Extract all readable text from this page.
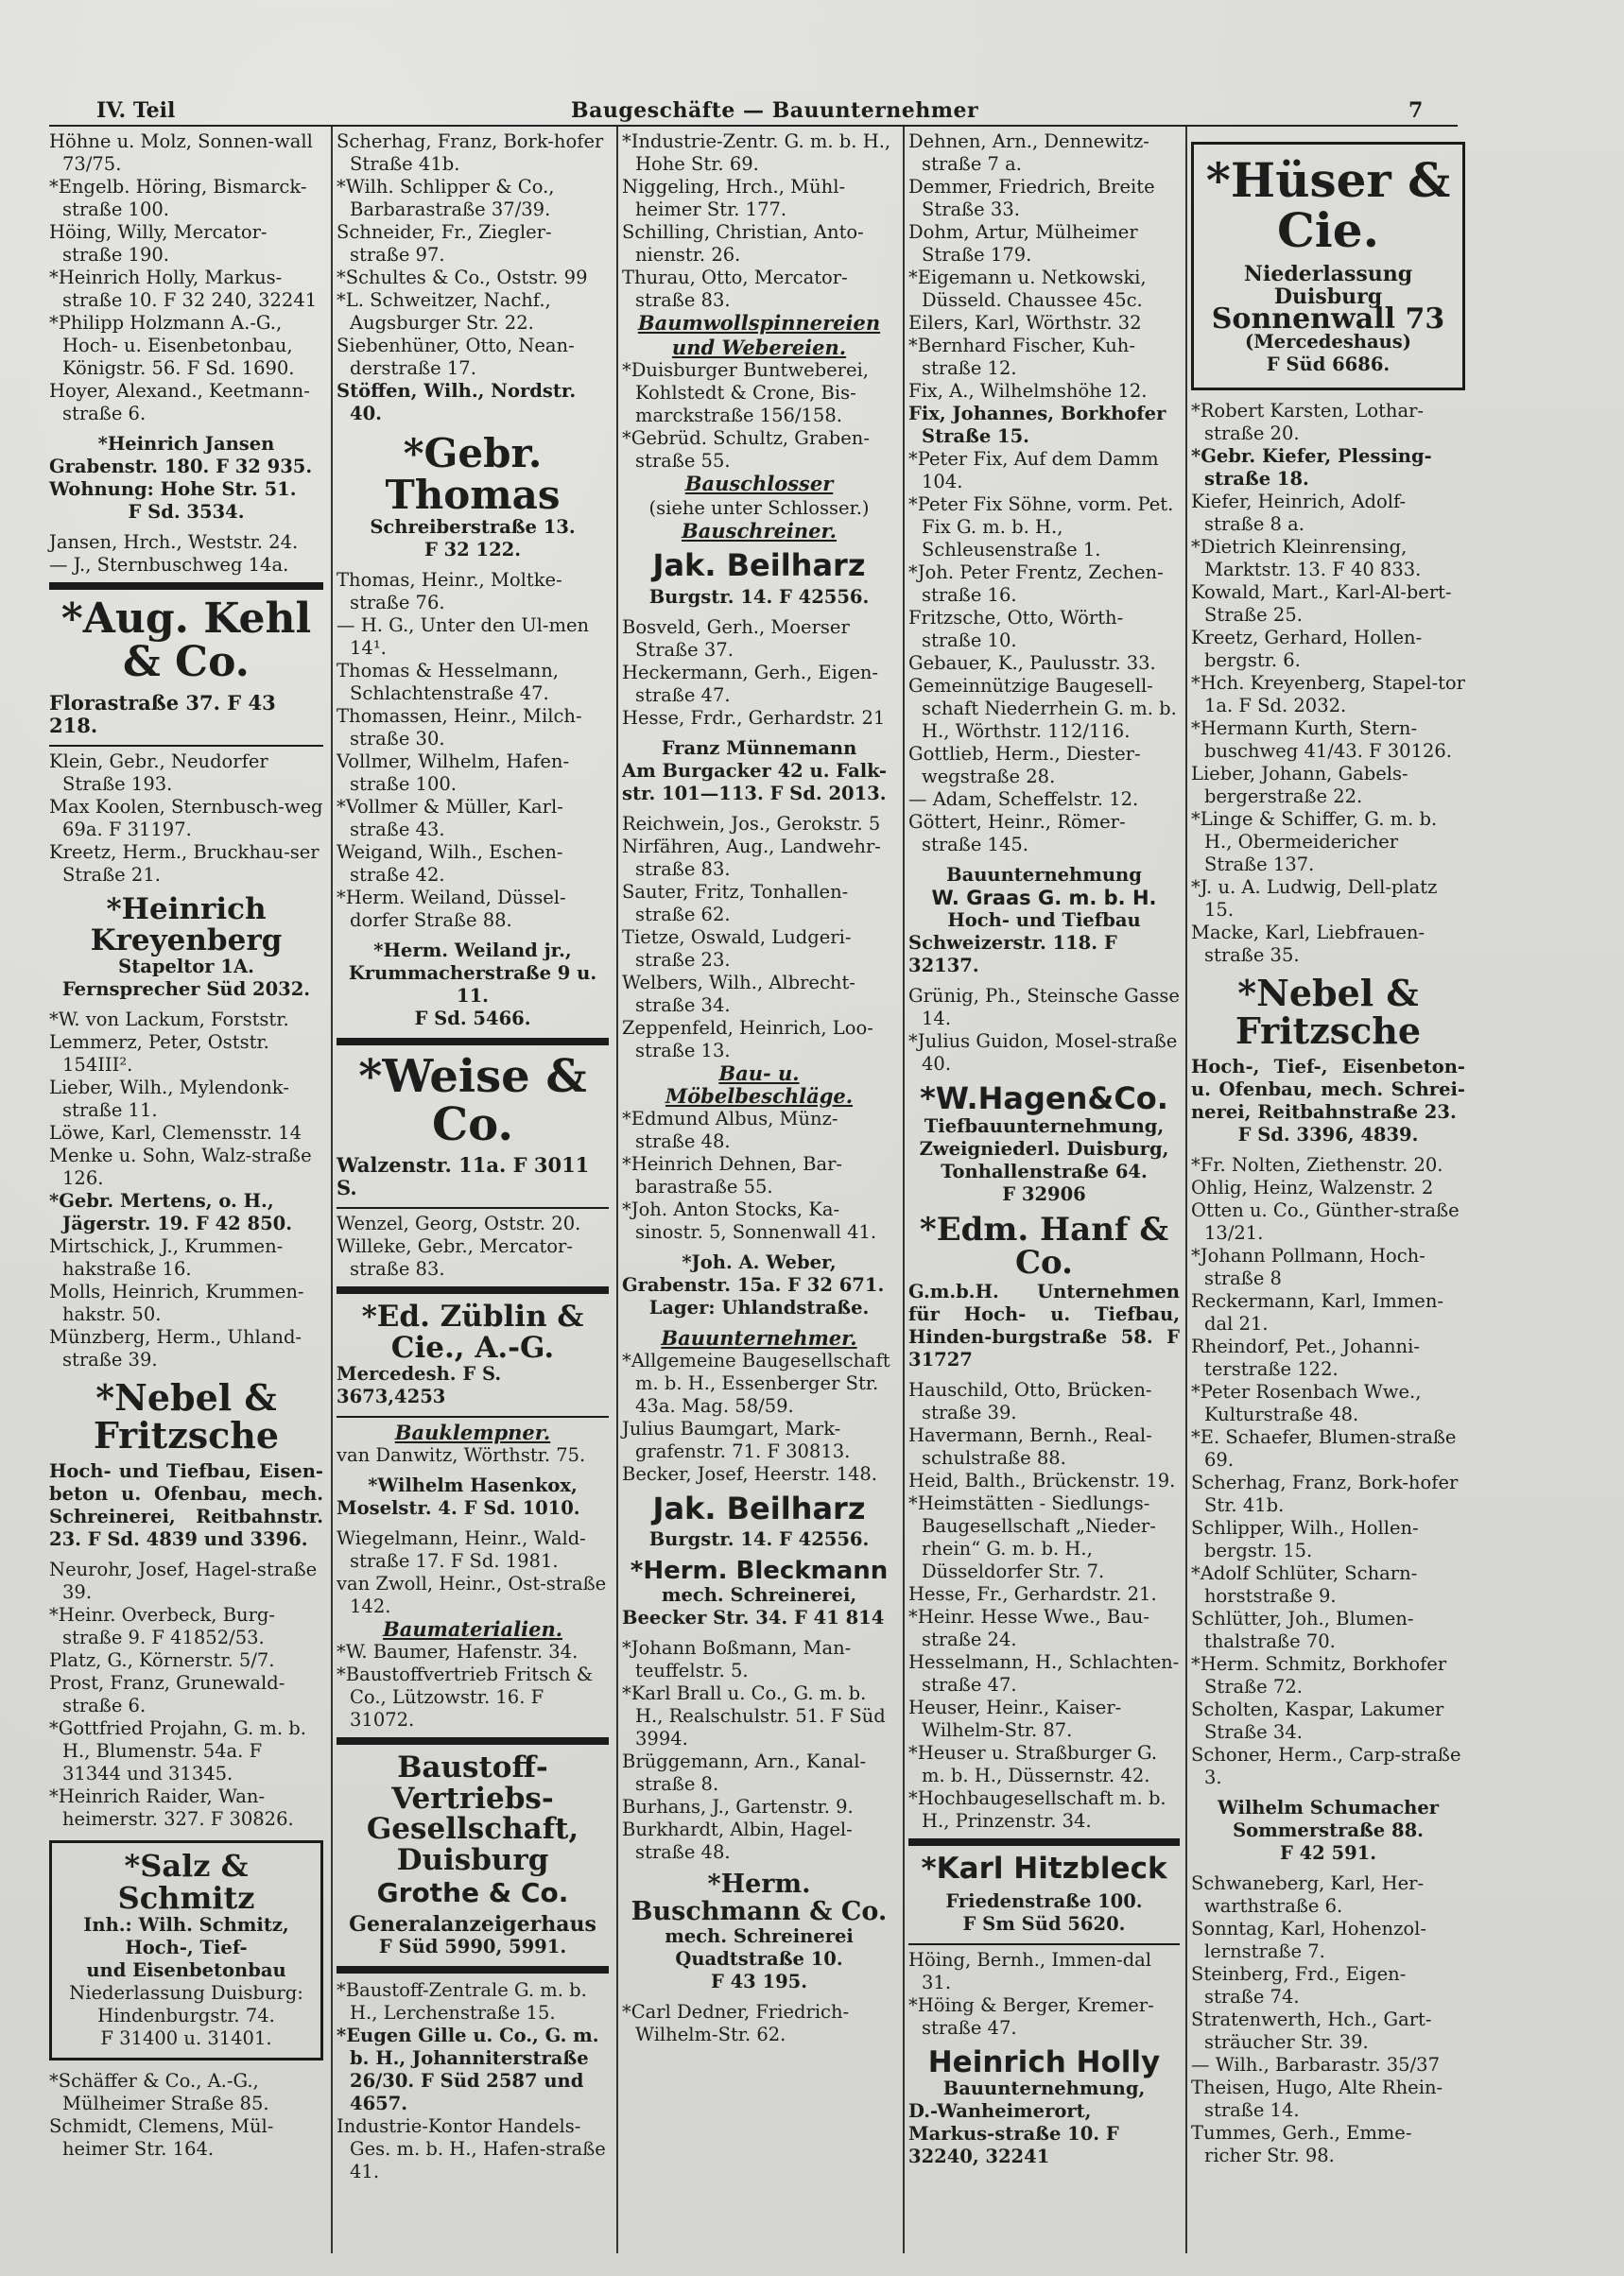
IV. Teil	Baugeschäfte — Bauunternehmer	7

Höhne u. Molz, Sonnen-wall 73/75.

*Engelb. Höring, Bismarck-straße 100.

Höing, Willy, Mercator-straße 190.

*Heinrich Holly, Markus-straße 10. F 32 240, 32241

*Philipp Holzmann A.-G., Hoch- u. Eisenbetonbau, Königstr. 56. F Sd. 1690.

Hoyer, Alexand., Keetmann-straße 6.

*Heinrich Jansen

Grabenstr. 180. F 32 935.

Wohnung: Hohe Str. 51.

F Sd. 3534.

Jansen, Hrch., Weststr. 24.

— J., Sternbuschweg 14a.

*Aug. Kehl & Co.

Florastraße 37. F 43 218.

Klein, Gebr., Neudorfer Straße 193.

Max Koolen, Sternbusch-weg 69a. F 31197.

Kreetz, Herm., Bruckhau-ser Straße 21.

*Heinrich Kreyenberg

Stapeltor 1A.

Fernsprecher Süd 2032.

*W. von Lackum, Forststr.

Lemmerz, Peter, Oststr. 154III².

Lieber, Wilh., Mylendonk-straße 11.

Löwe, Karl, Clemensstr. 14

Menke u. Sohn, Walz-straße 126.

*Gebr. Mertens, o. H., Jägerstr. 19. F 42 850.

Mirtschick, J., Krummen-hakstraße 16.

Molls, Heinrich, Krummen-hakstr. 50.

Münzberg, Herm., Uhland-straße 39.

*Nebel & Fritzsche

Hoch- und Tiefbau, Eisen-beton u. Ofenbau, mech. Schreinerei, Reitbahnstr. 23. F Sd. 4839 und 3396.

Neurohr, Josef, Hagel-straße 39.

*Heinr. Overbeck, Burg-straße 9. F 41852/53.

Platz, G., Körnerstr. 5/7.

Prost, Franz, Grunewald-straße 6.

*Gottfried Projahn, G. m. b. H., Blumenstr. 54a. F 31344 und 31345.

*Heinrich Raider, Wan-heimerstr. 327. F 30826.

*Salz & Schmitz

Inh.: Wilh. Schmitz,

Hoch-, Tief-

und Eisenbetonbau

Niederlassung Duisburg:

Hindenburgstr. 74.

F 31400 u. 31401.

*Schäffer & Co., A.-G., Mülheimer Straße 85.

Schmidt, Clemens, Mül-heimer Str. 164.

Scherhag, Franz, Bork-hofer Straße 41b.

*Wilh. Schlipper & Co., Barbarastraße 37/39.

Schneider, Fr., Ziegler-straße 97.

*Schultes & Co., Oststr. 99

*L. Schweitzer, Nachf., Augsburger Str. 22.

Siebenhüner, Otto, Nean-derstraße 17.

Stöffen, Wilh., Nordstr. 40.

*Gebr. Thomas

Schreiberstraße 13.

F 32 122.

Thomas, Heinr., Moltke-straße 76.

— H. G., Unter den Ul-men 14¹.

Thomas & Hesselmann, Schlachtenstraße 47.

Thomassen, Heinr., Milch-straße 30.

Vollmer, Wilhelm, Hafen-straße 100.

*Vollmer & Müller, Karl-straße 43.

Weigand, Wilh., Eschen-straße 42.

*Herm. Weiland, Düssel-dorfer Straße 88.

*Herm. Weiland jr.,

Krummacherstraße 9 u. 11.

F Sd. 5466.

*Weise & Co.

Walzenstr. 11a. F 3011 S.

Wenzel, Georg, Oststr. 20.

Willeke, Gebr., Mercator-straße 83.

*Ed. Züblin & Cie., A.-G.

Mercedesh. F S. 3673,4253

Bauklempner.

van Danwitz, Wörthstr. 75.

*Wilhelm Hasenkox,

Moselstr. 4. F Sd. 1010.

Wiegelmann, Heinr., Wald-straße 17. F Sd. 1981.

van Zwoll, Heinr., Ost-straße 142.

Baumaterialien.

*W. Baumer, Hafenstr. 34.

*Baustoffvertrieb Fritsch & Co., Lützowstr. 16. F 31072.

Baustoff-Vertriebs-

Gesellschaft, Duisburg

Grothe & Co.

Generalanzeigerhaus

F Süd 5990, 5991.

*Baustoff-Zentrale G. m. b. H., Lerchenstraße 15.

*Eugen Gille u. Co., G. m. b. H., Johanniterstraße 26/30. F Süd 2587 und 4657.

Industrie-Kontor Handels-Ges. m. b. H., Hafen-straße 41.

*Industrie-Zentr. G. m. b. H., Hohe Str. 69.

Niggeling, Hrch., Mühl-heimer Str. 177.

Schilling, Christian, Anto-nienstr. 26.

Thurau, Otto, Mercator-straße 83.

Baumwollspinnereien

und Webereien.

*Duisburger Buntweberei, Kohlstedt & Crone, Bis-marckstraße 156/158.

*Gebrüd. Schultz, Graben-straße 55.

Bauschlosser

(siehe unter Schlosser.)

Bauschreiner.

Jak. Beilharz

Burgstr. 14. F 42556.

Bosveld, Gerh., Moerser Straße 37.

Heckermann, Gerh., Eigen-straße 47.

Hesse, Frdr., Gerhardstr. 21

Franz Münnemann

Am Burgacker 42 u. Falk-str. 101—113. F Sd. 2013.

Reichwein, Jos., Gerokstr. 5

Nirfähren, Aug., Landwehr-straße 83.

Sauter, Fritz, Tonhallen-straße 62.

Tietze, Oswald, Ludgeri-straße 23.

Welbers, Wilh., Albrecht-straße 34.

Zeppenfeld, Heinrich, Loo-straße 13.

Bau- u. Möbelbeschläge.

*Edmund Albus, Münz-straße 48.

*Heinrich Dehnen, Bar-barastraße 55.

*Joh. Anton Stocks, Ka-sinostr. 5, Sonnenwall 41.

*Joh. A. Weber,

Grabenstr. 15a. F 32 671.

Lager: Uhlandstraße.

Bauunternehmer.

*Allgemeine Baugesellschaft m. b. H., Essenberger Str. 43a. Mag. 58/59.

Julius Baumgart, Mark-grafenstr. 71. F 30813.

Becker, Josef, Heerstr. 148.

Jak. Beilharz

Burgstr. 14. F 42556.

*Herm. Bleckmann

mech. Schreinerei,

Beecker Str. 34. F 41 814

*Johann Boßmann, Man-teuffelstr. 5.

*Karl Brall u. Co., G. m. b. H., Realschulstr. 51. F Süd 3994.

Brüggemann, Arn., Kanal-straße 8.

Burhans, J., Gartenstr. 9.

Burkhardt, Albin, Hagel-straße 48.

*Herm. Buschmann & Co.

mech. Schreinerei

Quadtstraße 10.

F 43 195.

*Carl Dedner, Friedrich-Wilhelm-Str. 62.

Dehnen, Arn., Dennewitz-straße 7 a.

Demmer, Friedrich, Breite Straße 33.

Dohm, Artur, Mülheimer Straße 179.

*Eigemann u. Netkowski, Düsseld. Chaussee 45c.

Eilers, Karl, Wörthstr. 32

*Bernhard Fischer, Kuh-straße 12.

Fix, A., Wilhelmshöhe 12.

Fix, Johannes, Borkhofer Straße 15.

*Peter Fix, Auf dem Damm 104.

*Peter Fix Söhne, vorm. Pet. Fix G. m. b. H., Schleusenstraße 1.

*Joh. Peter Frentz, Zechen-straße 16.

Fritzsche, Otto, Wörth-straße 10.

Gebauer, K., Paulusstr. 33.

Gemeinnützige Baugesell-schaft Niederrhein G. m. b. H., Wörthstr. 112/116.

Gottlieb, Herm., Diester-wegstraße 28.

— Adam, Scheffelstr. 12.

Göttert, Heinr., Römer-straße 145.

Bauunternehmung

W. Graas G. m. b. H.

Hoch- und Tiefbau

Schweizerstr. 118. F 32137.

Grünig, Ph., Steinsche Gasse 14.

*Julius Guidon, Mosel-straße 40.

*W.Hagen&Co.

Tiefbauunternehmung,

Zweigniederl. Duisburg,

Tonhallenstraße 64.

F 32906

*Edm. Hanf & Co.

G.m.b.H. Unternehmen für Hoch- u. Tiefbau, Hinden-burgstraße 58. F 31727

Hauschild, Otto, Brücken-straße 39.

Havermann, Bernh., Real-schulstraße 88.

Heid, Balth., Brückenstr. 19.

*Heimstätten - Siedlungs-Baugesellschaft „Nieder-rhein“ G. m. b. H., Düsseldorfer Str. 7.

Hesse, Fr., Gerhardstr. 21.

*Heinr. Hesse Wwe., Bau-straße 24.

Hesselmann, H., Schlachten-straße 47.

Heuser, Heinr., Kaiser-Wilhelm-Str. 87.

*Heuser u. Straßburger G. m. b. H., Düssernstr. 42.

*Hochbaugesellschaft m. b. H., Prinzenstr. 34.

*Karl Hitzbleck

Friedenstraße 100.

F Sm Süd 5620.

Höing, Bernh., Immen-dal 31.

*Höing & Berger, Kremer-straße 47.

Heinrich Holly

Bauunternehmung,

D.-Wanheimerort, Markus-straße 10. F 32240, 32241

*Hüser & Cie.

Niederlassung Duisburg

Sonnenwall 73

(Mercedeshaus)

F Süd 6686.

*Robert Karsten, Lothar-straße 20.

*Gebr. Kiefer, Plessing-straße 18.

Kiefer, Heinrich, Adolf-straße 8 a.

*Dietrich Kleinrensing, Marktstr. 13. F 40 833.

Kowald, Mart., Karl-Al-bert-Straße 25.

Kreetz, Gerhard, Hollen-bergstr. 6.

*Hch. Kreyenberg, Stapel-tor 1a. F Sd. 2032.

*Hermann Kurth, Stern-buschweg 41/43. F 30126.

Lieber, Johann, Gabels-bergerstraße 22.

*Linge & Schiffer, G. m. b. H., Obermeidericher Straße 137.

*J. u. A. Ludwig, Dell-platz 15.

Macke, Karl, Liebfrauen-straße 35.

*Nebel & Fritzsche

Hoch-, Tief-, Eisenbeton-u. Ofenbau, mech. Schrei-nerei, Reitbahnstraße 23.

F Sd. 3396, 4839.

*Fr. Nolten, Ziethenstr. 20.

Ohlig, Heinz, Walzenstr. 2

Otten u. Co., Günther-straße 13/21.

*Johann Pollmann, Hoch-straße 8

Reckermann, Karl, Immen-dal 21.

Rheindorf, Pet., Johanni-terstraße 122.

*Peter Rosenbach Wwe., Kulturstraße 48.

*E. Schaefer, Blumen-straße 69.

Scherhag, Franz, Bork-hofer Str. 41b.

Schlipper, Wilh., Hollen-bergstr. 15.

*Adolf Schlüter, Scharn-horststraße 9.

Schlütter, Joh., Blumen-thalstraße 70.

*Herm. Schmitz, Borkhofer Straße 72.

Scholten, Kaspar, Lakumer Straße 34.

Schoner, Herm., Carp-straße 3.

Wilhelm Schumacher

Sommerstraße 88.

F 42 591.

Schwaneberg, Karl, Her-warthstraße 6.

Sonntag, Karl, Hohenzol-lernstraße 7.

Steinberg, Frd., Eigen-straße 74.

Stratenwerth, Hch., Gart-sträucher Str. 39.

— Wilh., Barbarastr. 35/37

Theisen, Hugo, Alte Rhein-straße 14.

Tummes, Gerh., Emme-richer Str. 98.
